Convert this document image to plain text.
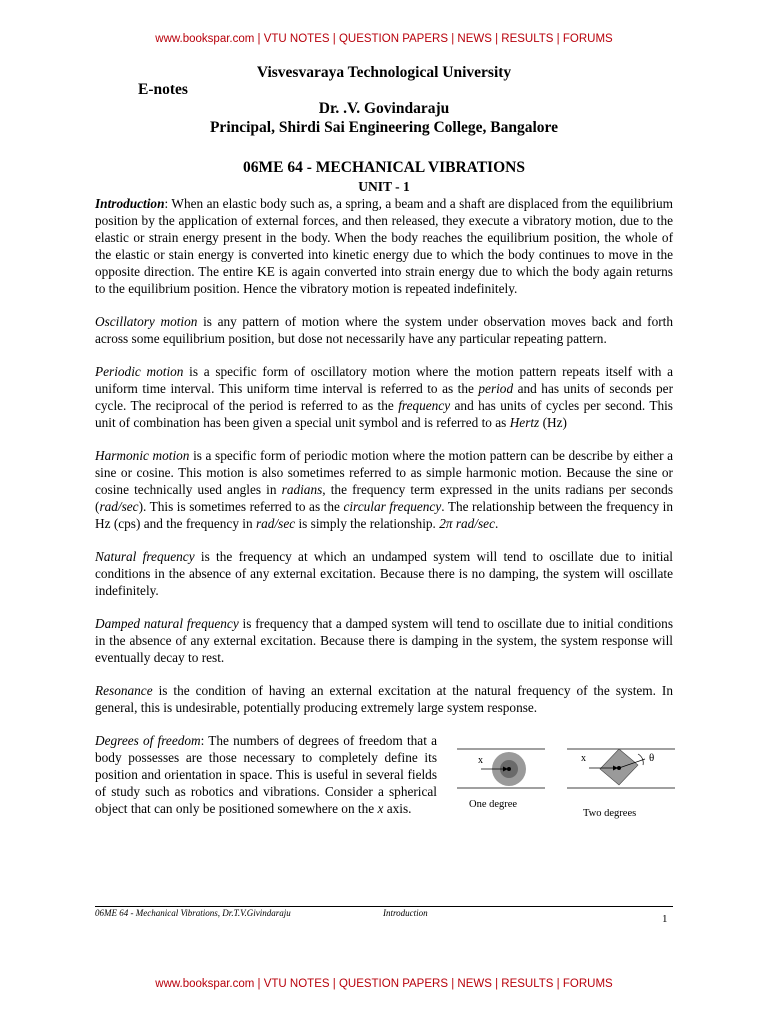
www.bookspar.com | VTU NOTES | QUESTION PAPERS | NEWS | RESULTS | FORUMS
Visvesvaraya Technological University
E-notes
Dr. .V. Govindaraju
Principal, Shirdi Sai Engineering College, Bangalore
06ME 64 - MECHANICAL VIBRATIONS
UNIT - 1

Introduction: When an elastic body such as, a spring, a beam and a shaft are displaced from the equilibrium position by the application of external forces, and then released, they execute a vibratory motion, due to the elastic or strain energy present in the body. When the body reaches the equilibrium position, the whole of the elastic or stain energy is converted into kinetic energy due to which the body continues to move in the opposite direction. The entire KE is again converted into strain energy due to which the body again returns to the equilibrium position. Hence the vibratory motion is repeated indefinitely.

Oscillatory motion is any pattern of motion where the system under observation moves back and forth across some equilibrium position, but dose not necessarily have any particular repeating pattern.

Periodic motion is a specific form of oscillatory motion where the motion pattern repeats itself with a uniform time interval. This uniform time interval is referred to as the period and has units of seconds per cycle. The reciprocal of the period is referred to as the frequency and has units of cycles per second. This unit of combination has been given a special unit symbol and is referred to as Hertz (Hz)

Harmonic motion is a specific form of periodic motion where the motion pattern can be describe by either a sine or cosine. This motion is also sometimes referred to as simple harmonic motion. Because the sine or cosine technically used angles in radians, the frequency term expressed in the units radians per seconds (rad/sec). This is sometimes referred to as the circular frequency. The relationship between the frequency in Hz (cps) and the frequency in rad/sec is simply the relationship. 2π rad/sec.

Natural frequency is the frequency at which an undamped system will tend to oscillate due to initial conditions in the absence of any external excitation. Because there is no damping, the system will oscillate indefinitely.

Damped natural frequency is frequency that a damped system will tend to oscillate due to initial conditions in the absence of any external excitation. Because there is damping in the system, the system response will eventually decay to rest.

Resonance is the condition of having an external excitation at the natural frequency of the system. In general, this is undesirable, potentially producing extremely large system response.

Degrees of freedom: The numbers of degrees of freedom that a body possesses are those necessary to completely define its position and orientation in space. This is useful in several fields of study such as robotics and vibrations. Consider a spherical object that can only be positioned somewhere on the x axis.

x
One degree
x	θ
Two degrees
06ME 64 - Mechanical Vibrations, Dr.T.V.Givindaraju	Introduction	1
www.bookspar.com | VTU NOTES | QUESTION PAPERS | NEWS | RESULTS | FORUMS
